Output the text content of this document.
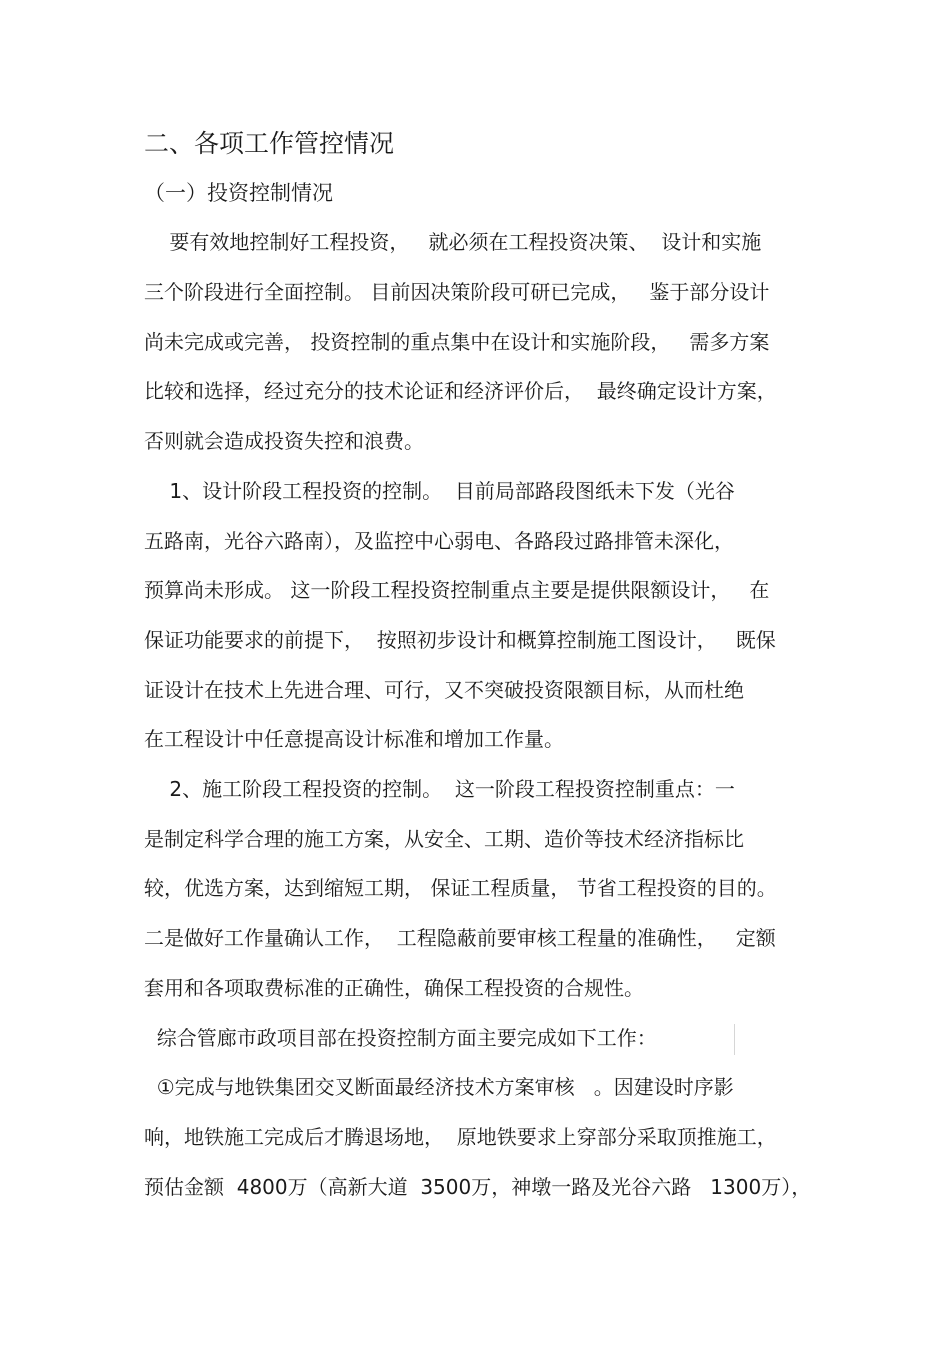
二、各项工作管控情况
（一）投资控制情况
要有效地控制好工程投资，   就必须在工程投资决策、  设计和实施
三个阶段进行全面控制。 目前因决策阶段可研已完成，   鉴于部分设计
尚未完成或完善， 投资控制的重点集中在设计和实施阶段，   需多方案
比较和选择，经过充分的技术论证和经济评价后，  最终确定设计方案，
否则就会造成投资失控和浪费。
1、设计阶段工程投资的控制。  目前局部路段图纸未下发（光谷
五路南，光谷六路南），及监控中心弱电、各路段过路排管未深化，
预算尚未形成。 这一阶段工程投资控制重点主要是提供限额设计，   在
保证功能要求的前提下，  按照初步设计和概算控制施工图设计，   既保
证设计在技术上先进合理、可行，又不突破投资限额目标，从而杜绝
在工程设计中任意提高设计标准和增加工作量。
2、施工阶段工程投资的控制。  这一阶段工程投资控制重点：一
是制定科学合理的施工方案，从安全、工期、造价等技术经济指标比
较，优选方案，达到缩短工期， 保证工程质量， 节省工程投资的目的。
二是做好工作量确认工作，  工程隐蔽前要审核工程量的准确性，   定额
套用和各项取费标准的正确性，确保工程投资的合规性。
综合管廊市政项目部在投资控制方面主要完成如下工作：
①完成与地铁集团交叉断面最经济技术方案审核   。因建设时序影
响，地铁施工完成后才腾退场地，  原地铁要求上穿部分采取顶推施工，
预估金额  4800万（高新大道  3500万，神墩一路及光谷六路   1300万），
